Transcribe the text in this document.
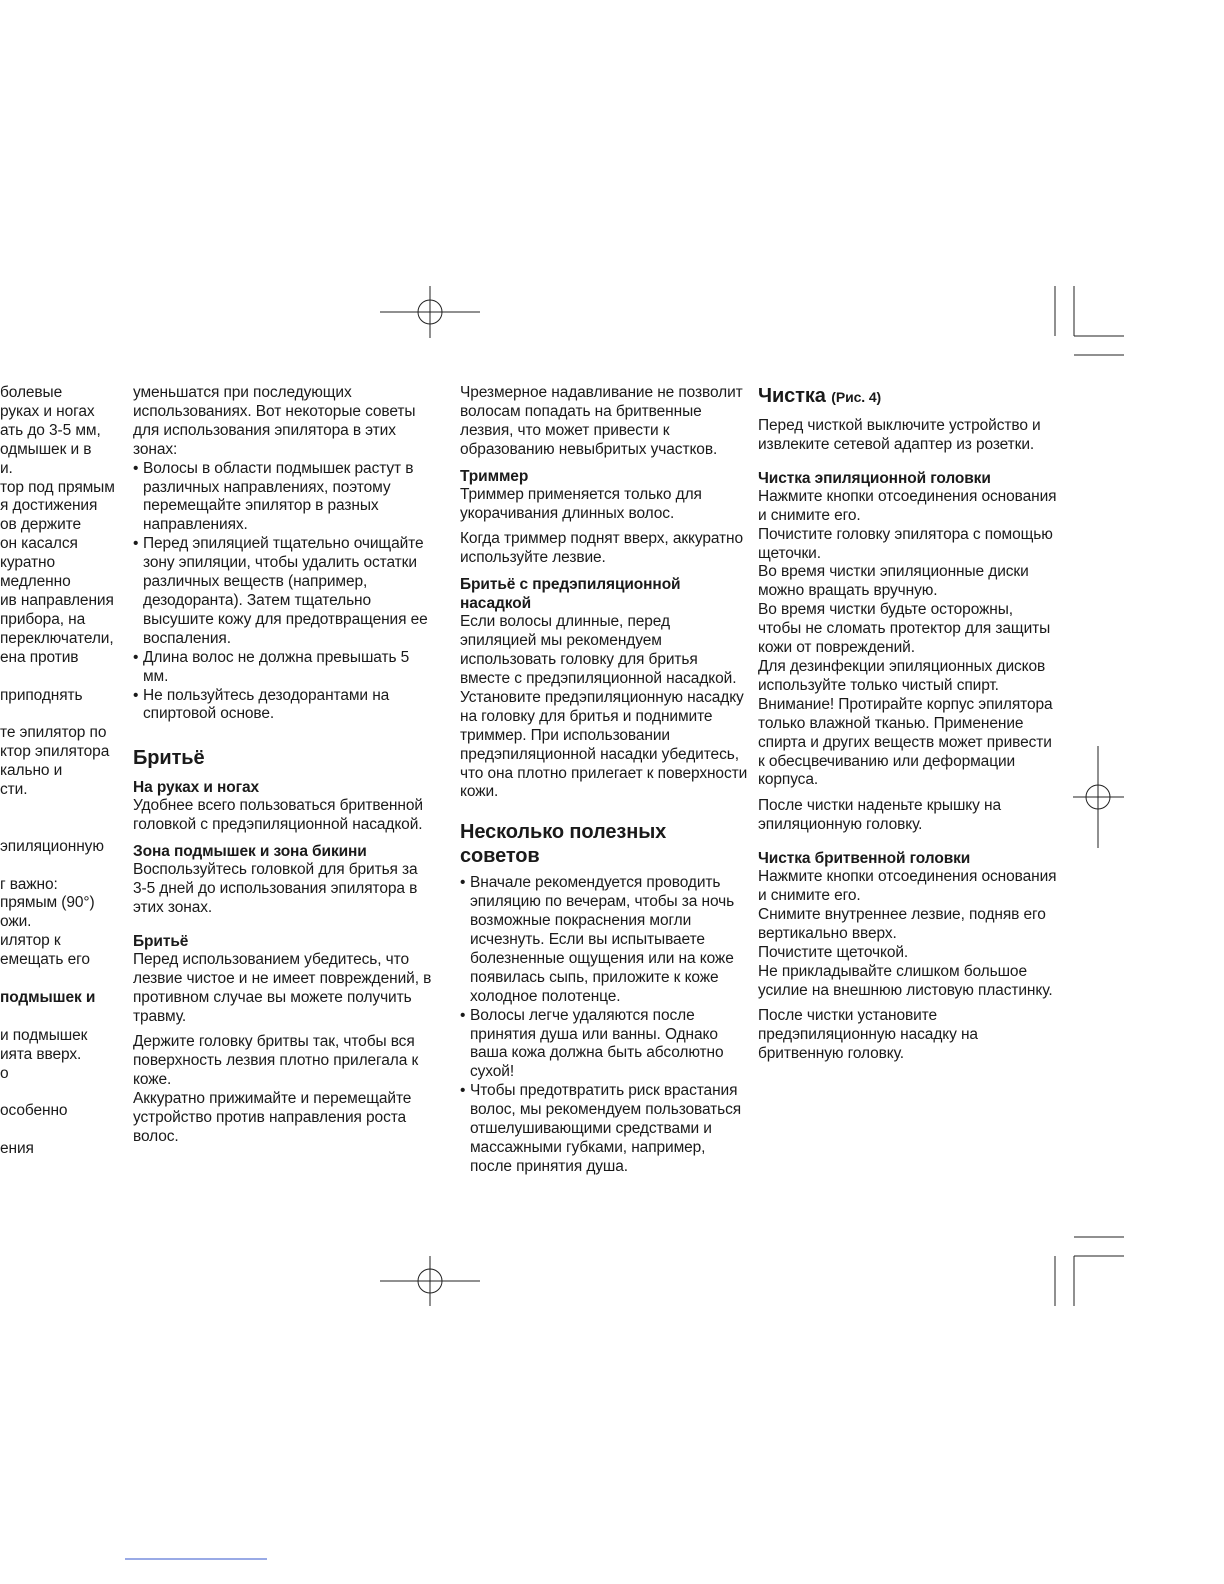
болевые

руках и ногах

ать до 3-5 мм,

одмышек и в

и.

тор под прямым

я достижения

ов держите

он касался

куратно

медленно

ив направления

прибора, на

переключатели,

ена против

приподнять

те эпилятор по

ктор эпилятора

кально и

сти.

эпиляционную

г важно:

прямым (90°)

ожи.

илятор к

емещать его

подмышек и

и подмышек

ията вверх.

о

особенно

ения

уменьшатся при последующих использованиях. Вот некоторые советы для использования эпилятора в этих зонах:

• Волосы в области подмышек растут в различных направлениях, поэтому перемещайте эпилятор в разных направлениях.
• Перед эпиляцией тщательно очищайте зону эпиляции, чтобы удалить остатки различных веществ (например, дезодоранта). Затем тщательно высушите кожу для предотвращения ее воспаления.
• Длина волос не должна превышать 5 мм.
• Не пользуйтесь дезодорантами на спиртовой основе.

Бритьё

На руках и ногах

Удобнее всего пользоваться бритвенной головкой с предэпиляционной насадкой.

Зона подмышек и зона бикини

Воспользуйтесь головкой для бритья за 3-5 дней до использования эпилятора в этих зонах.

Бритьё

Перед использованием убедитесь, что лезвие чистое и не имеет повреждений, в противном случае вы можете получить травму.

Держите головку бритвы так, чтобы вся поверхность лезвия плотно прилегала к коже.

Аккуратно прижимайте и перемещайте устройство против направления роста волос.

Чрезмерное надавливание не позволит волосам попадать на бритвенные лезвия, что может привести к образованию невыбритых участков.

Триммер

Триммер применяется только для укорачивания длинных волос.

Когда триммер поднят вверх, аккуратно используйте лезвие.

Бритьё с предэпиляционной насадкой

Если волосы длинные, перед эпиляцией мы рекомендуем использовать головку для бритья вместе с предэпиляционной насадкой. Установите предэпиляционную насадку на головку для бритья и поднимите триммер. При использовании предэпиляционной насадки убедитесь, что она плотно прилегает к поверхности кожи.

Несколько полезных советов

• Вначале рекомендуется проводить эпиляцию по вечерам, чтобы за ночь возможные покраснения могли исчезнуть. Если вы испытываете болезненные ощущения или на коже появилась сыпь, приложите к коже холодное полотенце.
• Волосы легче удаляются после принятия душа или ванны. Однако ваша кожа должна быть абсолютно сухой!
• Чтобы предотвратить риск врастания волос, мы рекомендуем пользоваться отшелушивающими средствами и массажными губками, например, после принятия душа.

Чистка (Рис. 4)

Перед чисткой выключите устройство и извлеките сетевой адаптер из розетки.

Чистка эпиляционной головки

Нажмите кнопки отсоединения основания и снимите его.

Почистите головку эпилятора с помощью щеточки.

Во время чистки эпиляционные диски можно вращать вручную.

Во время чистки будьте осторожны, чтобы не сломать протектор для защиты кожи от повреждений.

Для дезинфекции эпиляционных дисков используйте только чистый спирт.

Внимание! Протирайте корпус эпилятора только влажной тканью. Применение спирта и других веществ может привести к обесцвечиванию или деформации корпуса.

После чистки наденьте крышку на эпиляционную головку.

Чистка бритвенной головки

Нажмите кнопки отсоединения основания и снимите его.

Снимите внутреннее лезвие, подняв его вертикально вверх.

Почистите щеточкой.

Не прикладывайте слишком большое усилие на внешнюю листовую пластинку.

После чистки установите предэпиляционную насадку на бритвенную головку.
